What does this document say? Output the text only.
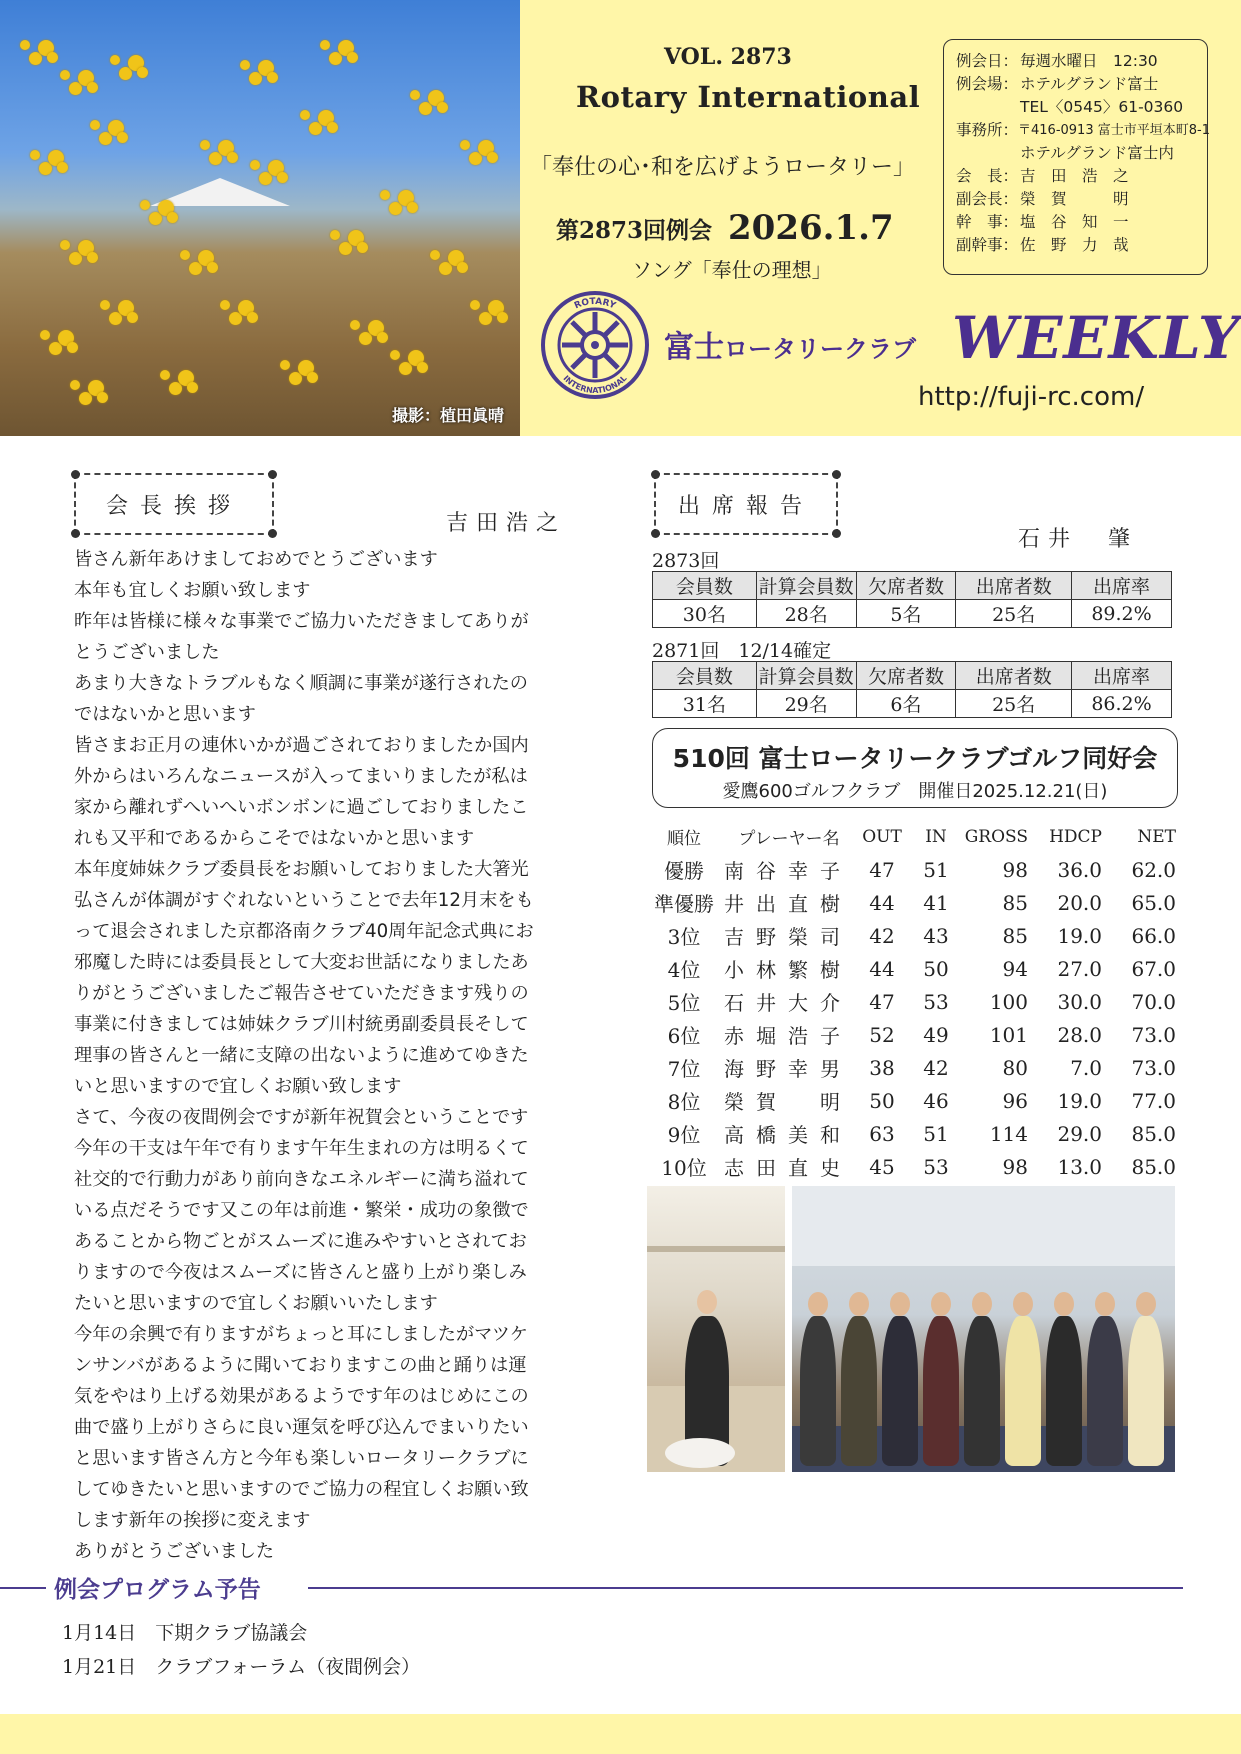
撮影：植田眞晴
VOL. 2873
Rotary International
「奉仕の心･和を広げようロータリー」
第2873回例会 2026.1.7
ソング「奉仕の理想」
例会日： 毎週水曜日　12:30
例会場： ホテルグランド富士
TEL〈0545〉61-0360
事務所： 〒416-0913 富士市平垣本町8-1
ホテルグランド富士内
会　長： 吉　田　浩　之
副会長： 榮　賀　　　明
幹　事： 塩　谷　知　一
副幹事： 佐　野　力　哉
ROTARY
INTERNATIONAL
富士ロータリークラブ WEEKLY
http://fuji-rc.com/
会長挨拶
吉田浩之
皆さん新年あけましておめでとうございます
本年も宜しくお願い致します
昨年は皆様に様々な事業でご協力いただきましてありが
とうございました
あまり大きなトラブルもなく順調に事業が遂行されたの
ではないかと思います
皆さまお正月の連休いかが過ごされておりましたか国内
外からはいろんなニュースが入ってまいりましたが私は
家から離れずへいへいボンボンに過ごしておりましたこ
れも又平和であるからこそではないかと思います
本年度姉妹クラブ委員長をお願いしておりました大箸光
弘さんが体調がすぐれないということで去年12月末をも
って退会されました京都洛南クラブ40周年記念式典にお
邪魔した時には委員長として大変お世話になりましたあ
りがとうございましたご報告させていただきます残りの
事業に付きましては姉妹クラブ川村統勇副委員長そして
理事の皆さんと一緒に支障の出ないように進めてゆきた
いと思いますので宜しくお願い致します
さて、今夜の夜間例会ですが新年祝賀会ということです
今年の干支は午年で有ります午年生まれの方は明るくて
社交的で行動力があり前向きなエネルギーに満ち溢れて
いる点だそうです又この年は前進・繁栄・成功の象徴で
あることから物ごとがスムーズに進みやすいとされてお
りますので今夜はスムーズに皆さんと盛り上がり楽しみ
たいと思いますので宜しくお願いいたします
今年の余興で有りますがちょっと耳にしましたがマツケ
ンサンバがあるように聞いておりますこの曲と踊りは運
気をやはり上げる効果があるようです年のはじめにこの
曲で盛り上がりさらに良い運気を呼び込んでまいりたい
と思います皆さん方と今年も楽しいロータリークラブに
してゆきたいと思いますのでご協力の程宜しくお願い致
します新年の挨拶に変えます
ありがとうございました
出席報告
石井　肇
2873回
会員数	計算会員数	欠席者数	出席者数	出席率
30名	28名	5名	25名	89.2%
2871回　12/14確定
会員数	計算会員数	欠席者数	出席者数	出席率
31名	29名	6名	25名	86.2%
510回 富士ロータリークラブゴルフ同好会
愛鷹600ゴルフクラブ　開催日2025.12.21(日)
順位	プレーヤー名	OUT	IN	GROSS	HDCP	NET
優勝	南谷幸子	47	51	98	36.0	62.0
準優勝	井出直樹	44	41	85	20.0	65.0
3位	吉野榮司	42	43	85	19.0	66.0
4位	小林繁樹	44	50	94	27.0	67.0
5位	石井大介	47	53	100	30.0	70.0
6位	赤堀浩子	52	49	101	28.0	73.0
7位	海野幸男	38	42	80	7.0	73.0
8位	榮賀　明	50	46	96	19.0	77.0
9位	高橋美和	63	51	114	29.0	85.0
10位	志田直史	45	53	98	13.0	85.0
例会プログラム予告
1月14日　下期クラブ協議会
1月21日　クラブフォーラム（夜間例会）
